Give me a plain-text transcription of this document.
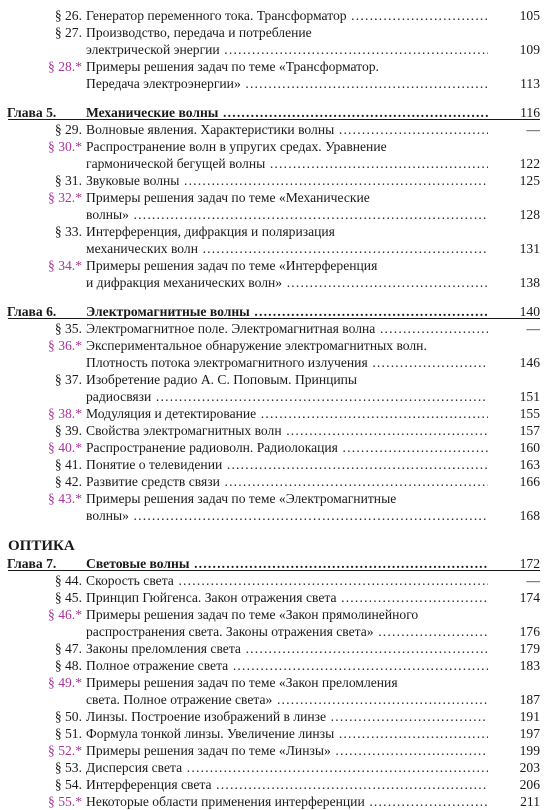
§ 26. Генератор переменного тока. Трансформатор .....	105
§ 27. Производство, передача и потребление
электрической энергии .....	109
§ 28.* Примеры решения задач по теме «Трансформатор.
Передача электроэнергии» .....	113
Глава 5.	Механические волны .....	116
§ 29. Волновые явления. Характеристики волны .....	—
§ 30.* Распространение волн в упругих средах. Уравнение
гармонической бегущей волны .....	122
§ 31. Звуковые волны .....	125
§ 32.* Примеры решения задач по теме «Механические
волны» .....	128
§ 33. Интерференция, дифракция и поляризация
механических волн .....	131
§ 34.* Примеры решения задач по теме «Интерференция
и дифракция механических волн» .....	138
Глава 6.	Электромагнитные волны .....	140
§ 35. Электромагнитное поле. Электромагнитная волна .....	—
§ 36.* Экспериментальное обнаружение электромагнитных волн.
Плотность потока электромагнитного излучения .....	146
§ 37. Изобретение радио А. С. Поповым. Принципы
радиосвязи .....	151
§ 38.* Модуляция и детектирование .....	155
§ 39. Свойства электромагнитных волн .....	157
§ 40.* Распространение радиоволн. Радиолокация .....	160
§ 41. Понятие о телевидении .....	163
§ 42. Развитие средств связи .....	166
§ 43.* Примеры решения задач по теме «Электромагнитные
волны» .....	168
ОПТИКА
Глава 7.	Световые волны .....	172
§ 44. Скорость света .....	—
§ 45. Принцип Гюйгенса. Закон отражения света .....	174
§ 46.* Примеры решения задач по теме «Закон прямолинейного
распространения света. Законы отражения света» .....	176
§ 47. Законы преломления света .....	179
§ 48. Полное отражение света .....	183
§ 49.* Примеры решения задач по теме «Закон преломления
света. Полное отражение света» .....	187
§ 50. Линзы. Построение изображений в линзе .....	191
§ 51. Формула тонкой линзы. Увеличение линзы .....	197
§ 52.* Примеры решения задач по теме «Линзы» .....	199
§ 53. Дисперсия света .....	203
§ 54. Интерференция света .....	206
§ 55.* Некоторые области применения интерференции .....	211
